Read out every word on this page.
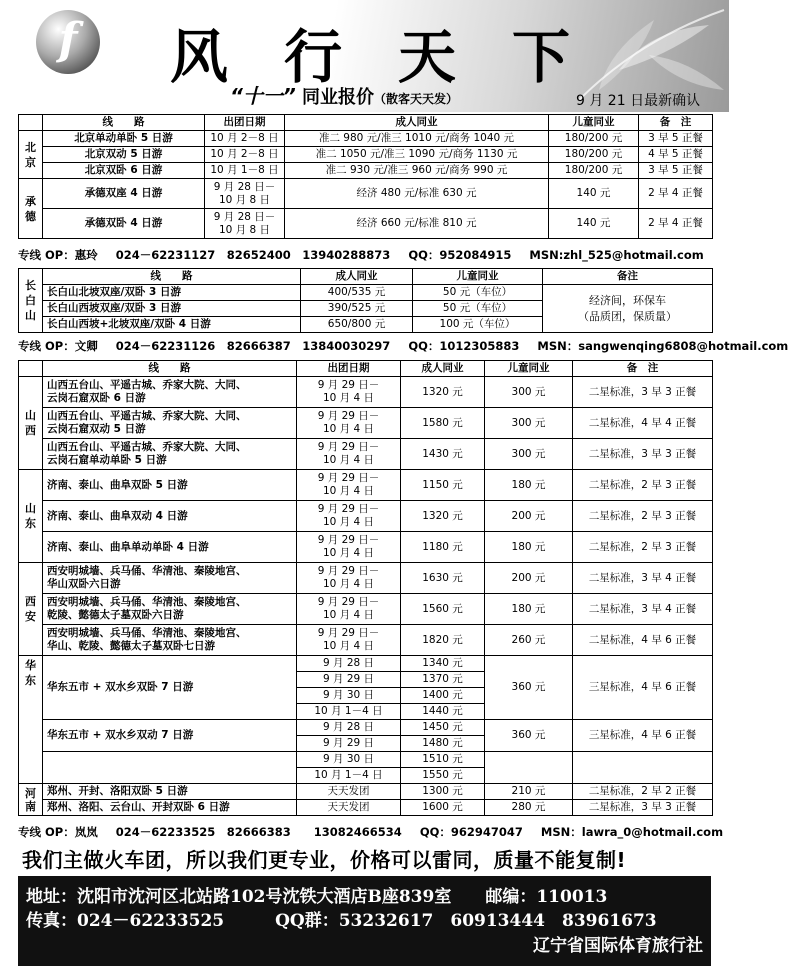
f	风 行 天 下
“十一” 同业报价（散客天天发）	9 月 21 日最新确认
	线　　路	出团日期	成人同业	儿童同业	备　注
北
京	北京单动单卧 5 日游	10 月 2－8 日	准二 980 元/准三 1010 元/商务 1040 元	180/200 元	3 早 5 正餐
	北京双动 5 日游	10 月 2－8 日	准二 1050 元/准三 1090 元/商务 1130 元	180/200 元	4 早 5 正餐
	北京双卧 6 日游	10 月 1－8 日	准二 930 元/准三 960 元/商务 990 元	180/200 元	3 早 5 正餐
承
德	承德双座 4 日游	9 月 28 日－
10 月 8 日	经济 480 元/标准 630 元	140 元	2 早 4 正餐
	承德双卧 4 日游	9 月 28 日－
10 月 8 日	经济 660 元/标准 810 元	140 元	2 早 4 正餐
专线 OP：惠玲 024－62231127　82652400　13940288873 QQ：952084915 MSN:zhl_525@hotmail.com
长
白
山	线　　路	成人同业	儿童同业	备注
	长白山北坡双座/双卧 3 日游	400/535 元	50 元（车位）	经济间，环保车
（品质团，保质量）
	长白山西坡双座/双卧 3 日游	390/525 元	50 元（车位）	
	长白山西坡+北坡双座/双卧 4 日游	650/800 元	100 元（车位）	
专线 OP：文卿 024－62231126　82666387　13840030297 QQ：1012305883 MSN：sangwenqing6808@hotmail.com
	线　　路	出团日期	成人同业	儿童同业	备　注
山
西	山西五台山、平遥古城、乔家大院、大同、
云岗石窟双卧 6 日游	9 月 29 日－
10 月 4 日	1320 元	300 元	二星标准，3 早 3 正餐
	山西五台山、平遥古城、乔家大院、大同、
云岗石窟双动 5 日游	9 月 29 日－
10 月 4 日	1580 元	300 元	二星标准，4 早 4 正餐
	山西五台山、平遥古城、乔家大院、大同、
云岗石窟单动单卧 5 日游	9 月 29 日－
10 月 4 日	1430 元	300 元	二星标准，3 早 3 正餐
山
东	济南、泰山、曲阜双卧 5 日游	9 月 29 日－
10 月 4 日	1150 元	180 元	二星标准，2 早 3 正餐
	济南、泰山、曲阜双动 4 日游	9 月 29 日－
10 月 4 日	1320 元	200 元	二星标准，2 早 3 正餐
	济南、泰山、曲阜单动单卧 4 日游	9 月 29 日－
10 月 4 日	1180 元	180 元	二星标准，2 早 3 正餐
西
安	西安明城墙、兵马俑、华清池、秦陵地宫、
华山双卧六日游	9 月 29 日－
10 月 4 日	1630 元	200 元	二星标准，3 早 4 正餐
	西安明城墙、兵马俑、华清池、秦陵地宫、
乾陵、懿德太子墓双卧六日游	9 月 29 日－
10 月 4 日	1560 元	180 元	二星标准，3 早 4 正餐
	西安明城墙、兵马俑、华清池、秦陵地宫、
华山、乾陵、懿德太子墓双卧七日游	9 月 29 日－
10 月 4 日	1820 元	260 元	二星标准，4 早 6 正餐
华
东	华东五市 + 双水乡双卧 7 日游	9 月 28 日	1340 元	360 元	三星标准，4 早 6 正餐
		9 月 29 日	1370 元		
		9 月 30 日	1400 元		
		10 月 1－4 日	1440 元		
	华东五市 + 双水乡双动 7 日游	9 月 28 日	1450 元	360 元	三星标准，4 早 6 正餐
		9 月 29 日	1480 元		
		9 月 30 日	1510 元		
		10 月 1－4 日	1550 元		
河
南	郑州、开封、洛阳双卧 5 日游	天天发团	1300 元	210 元	二星标准，2 早 2 正餐
	郑州、洛阳、云台山、开封双卧 6 日游	天天发团	1600 元	280 元	二星标准，3 早 3 正餐
专线 OP：岚岚 024－62233525　82666383　　13082466534 QQ：962947047 MSN：lawra_0@hotmail.com
我们主做火车团，所以我们更专业，价格可以雷同，质量不能复制!
地址：沈阳市沈河区北站路102号沈铁大酒店B座839室　　邮编：110013
传真：024－62233525　　　QQ群：53232617　60913444　83961673
辽宁省国际体育旅行社
